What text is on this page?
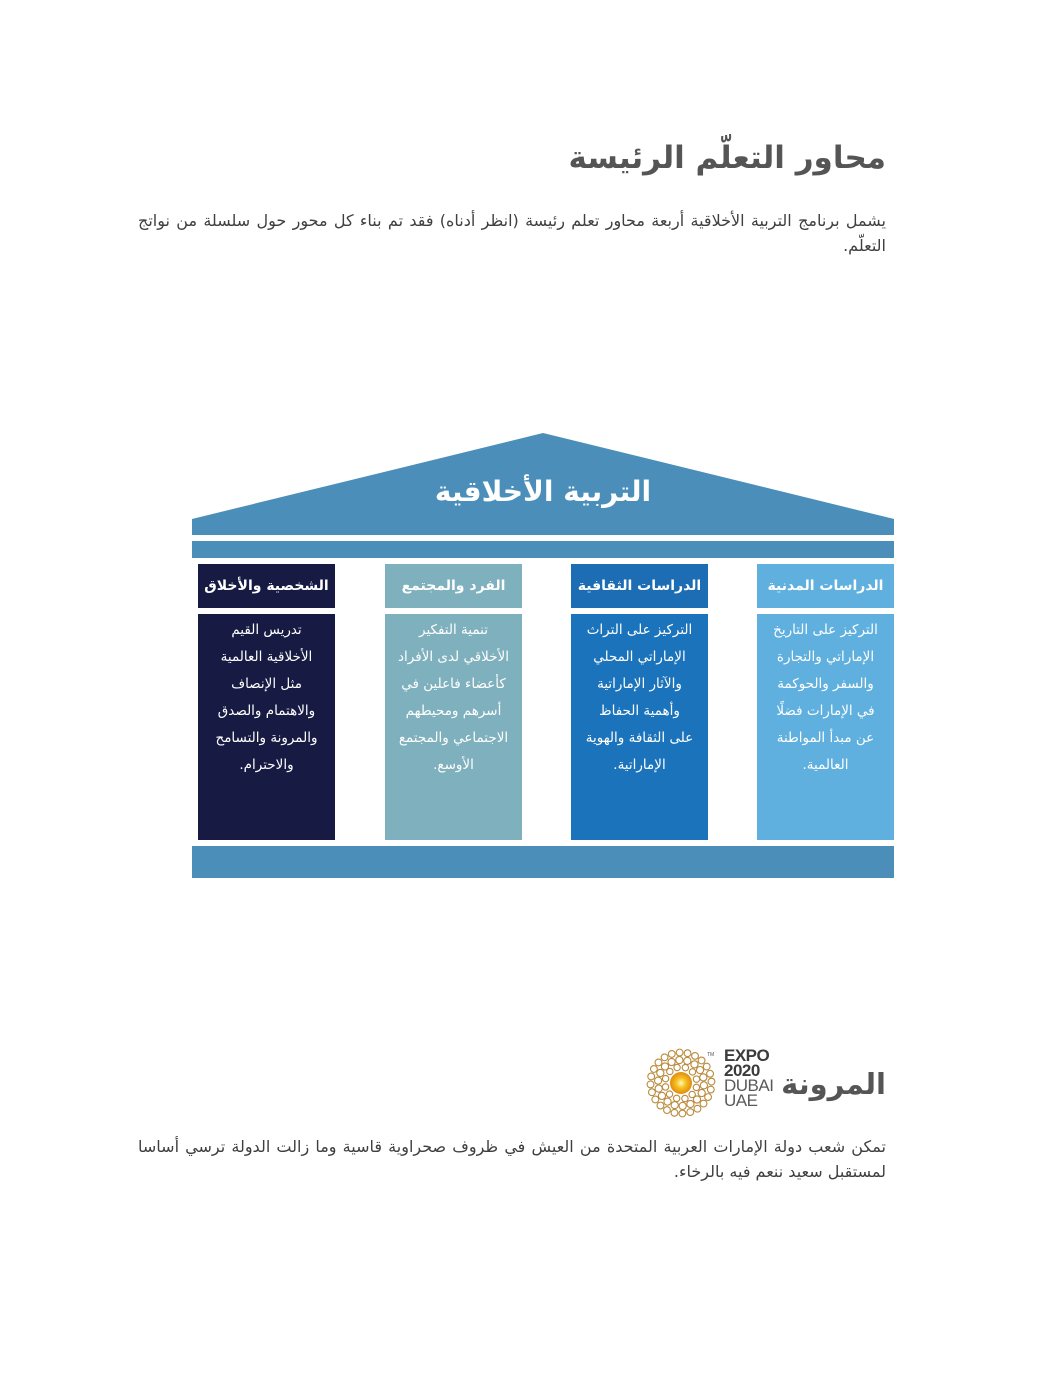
محاور التعلّم الرئيسة

يشمل برنامج التربية الأخلاقية أربعة محاور تعلم رئيسة (انظر أدناه) فقد تم بناء كل محور حول سلسلة من نواتج التعلّم.

التربية الأخلاقية
الدراسات المدنية
التركيز على التاريخ
الإماراتي والتجارة
والسفر والحوكمة
في الإمارات فضلًا
عن مبدأ المواطنة
العالمية.
الدراسات الثقافية
التركيز على التراث
الإماراتي المحلي
والآثار الإماراتية
وأهمية الحفاظ
على الثقافة والهوية
الإماراتية.
الفرد والمجتمع
تنمية التفكير
الأخلاقي لدى الأفراد
كأعضاء فاعلين في
أسرهم ومحيطهم
الاجتماعي والمجتمع
الأوسع.
الشخصية والأخلاق
تدريس القيم
الأخلاقية العالمية
مثل الإنصاف
والاهتمام والصدق
والمرونة والتسامح
والاحترام.
المرونة
TM EXPO
2020
DUBAI
UAE

تمكن شعب دولة الإمارات العربية المتحدة من العيش في ظروف صحراوية قاسية وما زالت الدولة ترسي أساسا لمستقبل سعيد ننعم فيه بالرخاء.
